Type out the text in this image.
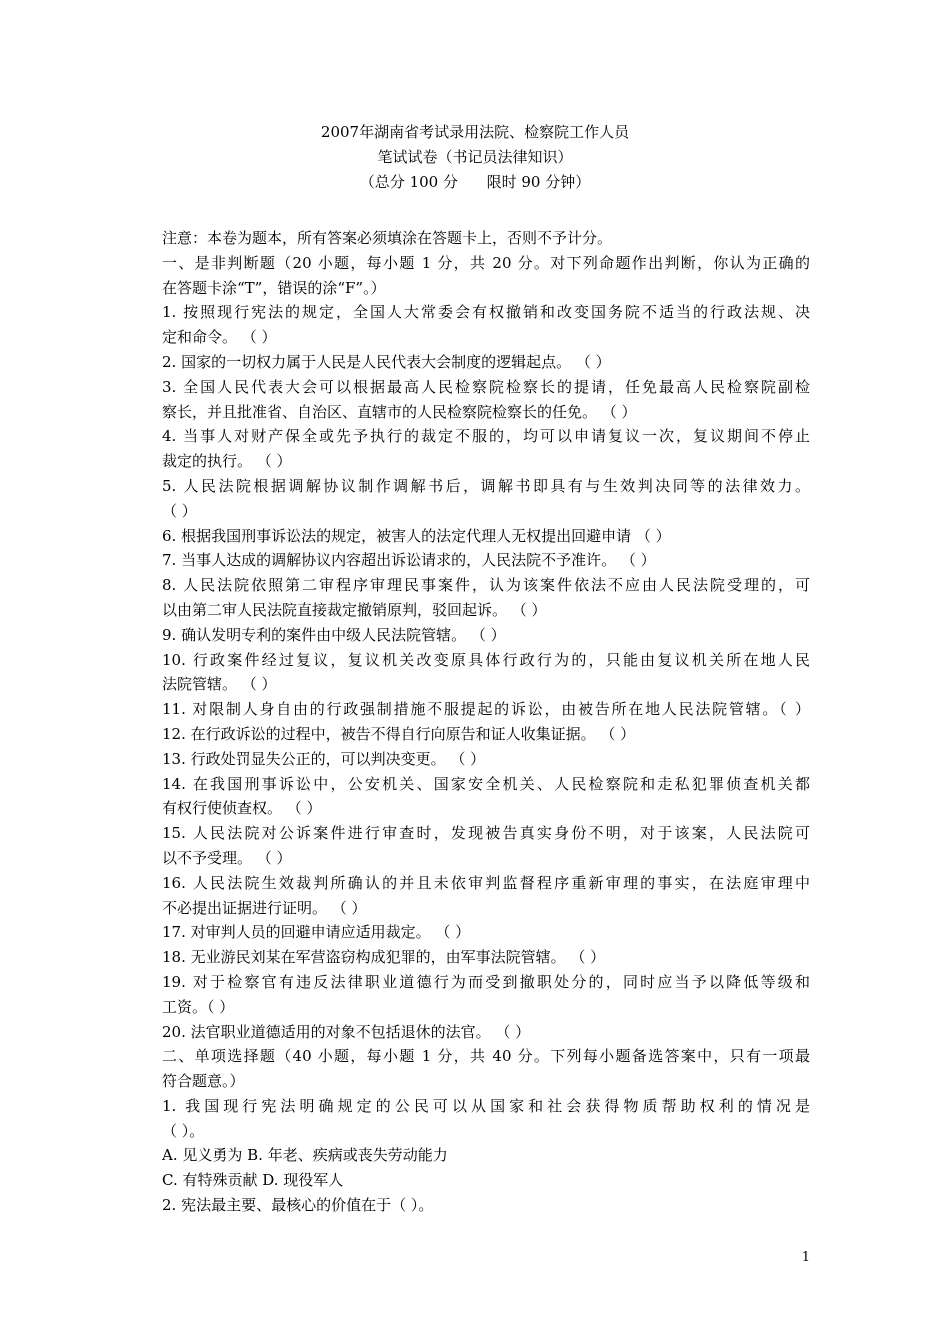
2007年湖南省考试录用法院、检察院工作人员
笔试试卷（书记员法律知识）
（总分 100 分      限时 90 分钟）
注意：本卷为题本，所有答案必须填涂在答题卡上，否则不予计分。
一、是非判断题（20 小题，每小题 1 分，共 20 分。对下列命题作出判断，你认为正确的
在答题卡涂“T”，错误的涂“F”。）
1. 按照现行宪法的规定，全国人大常委会有权撤销和改变国务院不适当的行政法规、决
定和命令。 （ ）
2. 国家的一切权力属于人民是人民代表大会制度的逻辑起点。 （ ）
3. 全国人民代表大会可以根据最高人民检察院检察长的提请，任免最高人民检察院副检
察长，并且批准省、自治区、直辖市的人民检察院检察长的任免。 （ ）
4. 当事人对财产保全或先予执行的裁定不服的，均可以申请复议一次，复议期间不停止
裁定的执行。 （ ）
5. 人民法院根据调解协议制作调解书后，调解书即具有与生效判决同等的法律效力。
（ ）
6. 根据我国刑事诉讼法的规定，被害人的法定代理人无权提出回避申请 （ ）
7. 当事人达成的调解协议内容超出诉讼请求的，人民法院不予准许。 （ ）
8. 人民法院依照第二审程序审理民事案件，认为该案件依法不应由人民法院受理的，可
以由第二审人民法院直接裁定撤销原判，驳回起诉。 （ ）
9. 确认发明专利的案件由中级人民法院管辖。 （ ）
10. 行政案件经过复议，复议机关改变原具体行政行为的，只能由复议机关所在地人民
法院管辖。 （ ）
11. 对限制人身自由的行政强制措施不服提起的诉讼，由被告所在地人民法院管辖。（ ）
12. 在行政诉讼的过程中，被告不得自行向原告和证人收集证据。 （ ）
13. 行政处罚显失公正的，可以判决变更。 （ ）
14. 在我国刑事诉讼中，公安机关、国家安全机关、人民检察院和走私犯罪侦查机关都
有权行使侦查权。 （ ）
15. 人民法院对公诉案件进行审查时，发现被告真实身份不明，对于该案，人民法院可
以不予受理。 （ ）
16. 人民法院生效裁判所确认的并且未依审判监督程序重新审理的事实，在法庭审理中
不必提出证据进行证明。 （ ）
17. 对审判人员的回避申请应适用裁定。 （ ）
18. 无业游民刘某在军营盗窃构成犯罪的，由军事法院管辖。 （ ）
19. 对于检察官有违反法律职业道德行为而受到撤职处分的，同时应当予以降低等级和
工资。（ ）
20. 法官职业道德适用的对象不包括退休的法官。 （ ）
二、单项选择题（40 小题，每小题 1 分，共 40 分。下列每小题备选答案中，只有一项最
符合题意。）
1. 我国现行宪法明确规定的公民可以从国家和社会获得物质帮助权利的情况是
（ ）。
A. 见义勇为 B. 年老、疾病或丧失劳动能力
C. 有特殊贡献 D. 现役军人
2. 宪法最主要、最核心的价值在于（ ）。
1
